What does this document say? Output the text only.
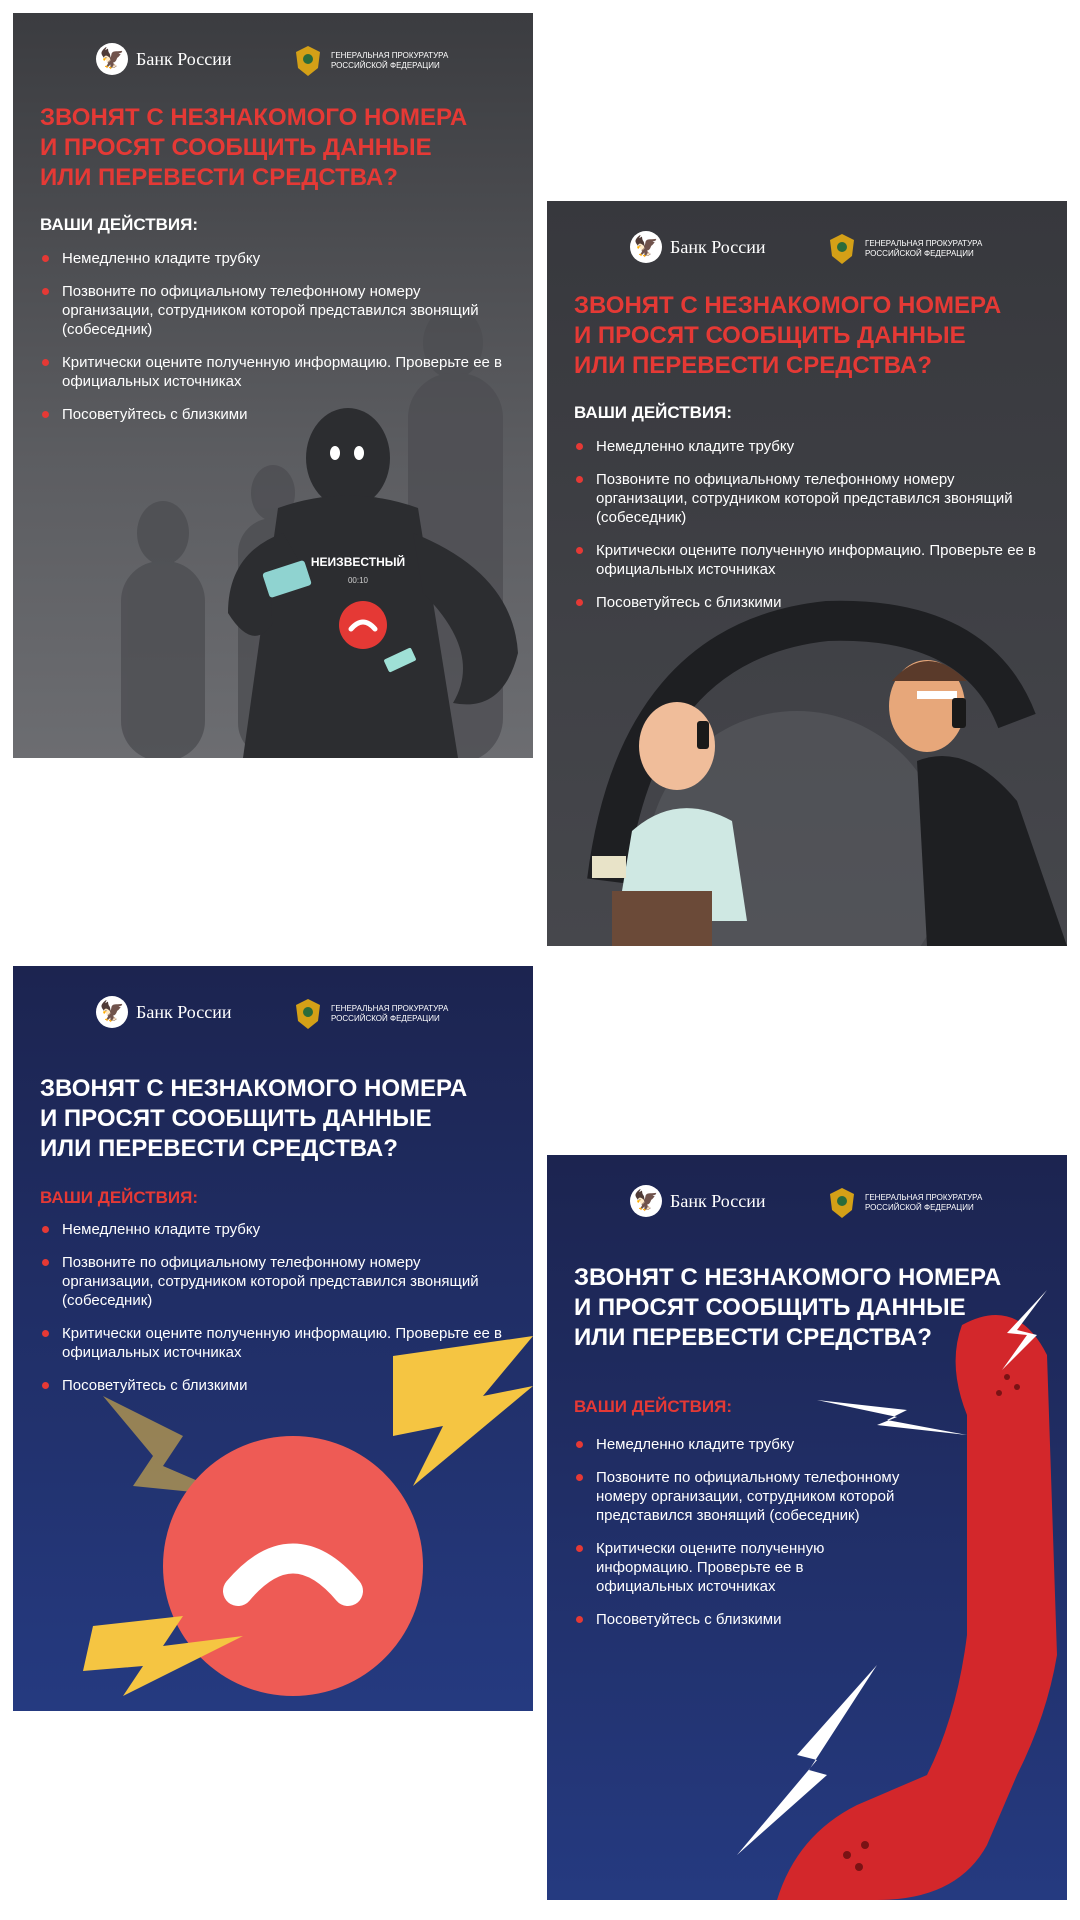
НЕИЗВЕСТНЫЙ
00:10
🦅 Банк России	ГЕНЕРАЛЬНАЯ ПРОКУРАТУРА
РОССИЙСКОЙ ФЕДЕРАЦИИ
ЗВОНЯТ С НЕЗНАКОМОГО НОМЕРА
И ПРОСЯТ СООБЩИТЬ ДАННЫЕ
ИЛИ ПЕРЕВЕСТИ СРЕДСТВА?
ВАШИ ДЕЙСТВИЯ:
Немедленно кладите трубку
Позвоните по официальному телефонному номеру организации, сотрудником которой представился звонящий (собеседник)
Критически оцените полученную информацию. Проверьте ее в официальных источниках
Посоветуйтесь с близкими
🦅 Банк России	ГЕНЕРАЛЬНАЯ ПРОКУРАТУРА
РОССИЙСКОЙ ФЕДЕРАЦИИ
ЗВОНЯТ С НЕЗНАКОМОГО НОМЕРА
И ПРОСЯТ СООБЩИТЬ ДАННЫЕ
ИЛИ ПЕРЕВЕСТИ СРЕДСТВА?
ВАШИ ДЕЙСТВИЯ:
Немедленно кладите трубку
Позвоните по официальному телефонному номеру организации, сотрудником которой представился звонящий (собеседник)
Критически оцените полученную информацию. Проверьте ее в официальных источниках
Посоветуйтесь с близкими
🦅 Банк России	ГЕНЕРАЛЬНАЯ ПРОКУРАТУРА
РОССИЙСКОЙ ФЕДЕРАЦИИ
ЗВОНЯТ С НЕЗНАКОМОГО НОМЕРА
И ПРОСЯТ СООБЩИТЬ ДАННЫЕ
ИЛИ ПЕРЕВЕСТИ СРЕДСТВА?
ВАШИ ДЕЙСТВИЯ:
Немедленно кладите трубку
Позвоните по официальному телефонному номеру организации, сотрудником которой представился звонящий (собеседник)
Критически оцените полученную информацию. Проверьте ее в официальных источниках
Посоветуйтесь с близкими
🦅 Банк России	ГЕНЕРАЛЬНАЯ ПРОКУРАТУРА
РОССИЙСКОЙ ФЕДЕРАЦИИ
ЗВОНЯТ С НЕЗНАКОМОГО НОМЕРА
И ПРОСЯТ СООБЩИТЬ ДАННЫЕ
ИЛИ ПЕРЕВЕСТИ СРЕДСТВА?
ВАШИ ДЕЙСТВИЯ:
Немедленно кладите трубку
Позвоните по официальному телефонному номеру организации, сотрудником которой представился звонящий (собеседник)
Критически оцените полученную информацию. Проверьте ее в официальных источниках
Посоветуйтесь с близкими
